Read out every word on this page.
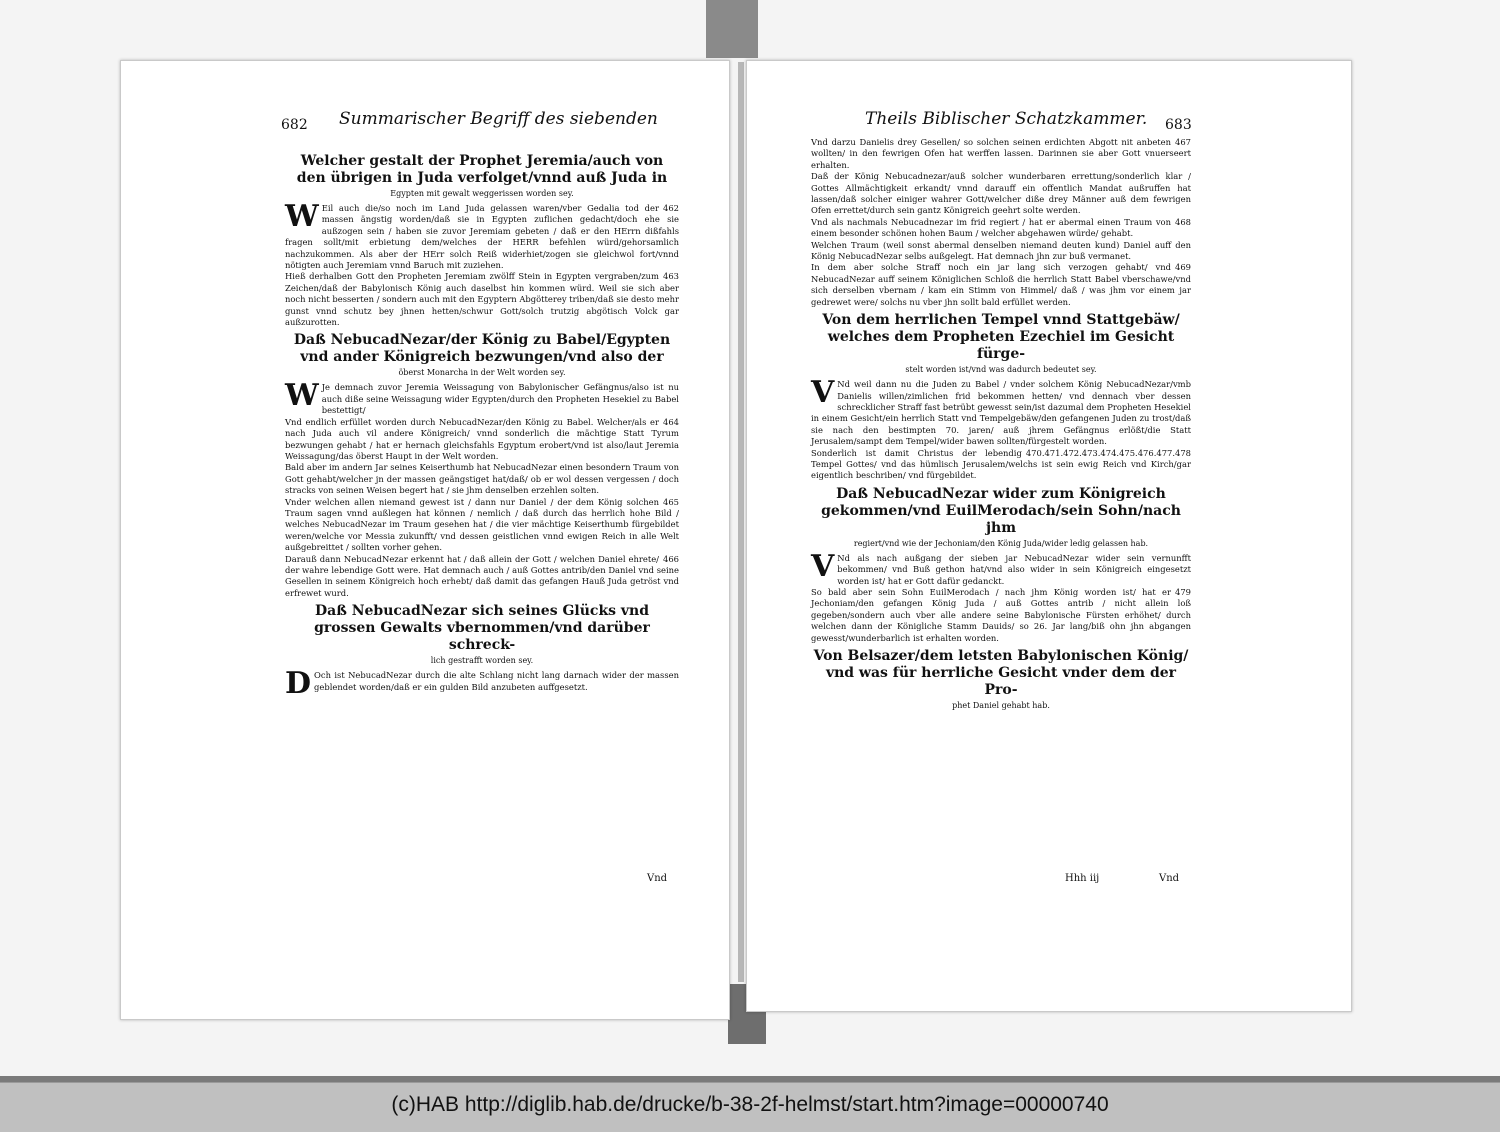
682 Summarischer Begriff des siebenden
Welcher gestalt der Prophet Jeremia/auch von den übrigen in Juda verfolget/vnnd auß Juda in
Egypten mit gewalt weggerissen worden sey.

W	462
Eil auch die/so noch im Land Juda gelassen waren/vber Gedalia tod der massen ängstig worden/daß sie in Egypten zuflichen gedacht/doch ehe sie außzogen sein / haben sie zuvor Jeremiam gebeten / daß er den HErrn dißfahls fragen sollt/mit erbietung dem/welches der HERR befehlen würd/gehorsamlich nachzukommen. Als aber der HErr solch Reiß widerhiet/zogen sie gleichwol fort/vnnd nötigten auch Jeremiam vnnd Baruch mit zuziehen.

463
Hieß derhalben Gott den Propheten Jeremiam zwölff Stein in Egypten vergraben/zum Zeichen/daß der Babylonisch König auch daselbst hin kommen würd. Weil sie sich aber noch nicht besserten / sondern auch mit den Egyptern Abgötterey triben/daß sie desto mehr gunst vnnd schutz bey jhnen hetten/schwur Gott/solch trutzig abgötisch Volck gar außzurotten.

Daß NebucadNezar/der König zu Babel/Egypten vnd ander Königreich bezwungen/vnd also der
öberst Monarcha in der Welt worden sey.

W Je demnach zuvor Jeremia Weissagung von Babylonischer Gefängnus/also ist nu auch diße seine Weissagung wider Egypten/durch den Propheten Hesekiel zu Babel bestettigt/

464
Vnd endlich erfüllet worden durch NebucadNezar/den König zu Babel. Welcher/als er nach Juda auch vil andere Königreich/ vnnd sonderlich die mächtige Statt Tyrum bezwungen gehabt / hat er hernach gleichsfahls Egyptum erobert/vnd ist also/laut Jeremia Weissagung/das öberst Haupt in der Welt worden.

Bald aber im andern Jar seines Keiserthumb hat NebucadNezar einen besondern Traum von Gott gehabt/welcher jn der massen geängstiget hat/daß/ ob er wol dessen vergessen / doch stracks von seinen Weisen begert hat / sie jhm denselben erzehlen solten.

465
Vnder welchen allen niemand gewest ist / dann nur Daniel / der dem König solchen Traum sagen vnnd außlegen hat können / nemlich / daß durch das herrlich hohe Bild / welches NebucadNezar im Traum gesehen hat / die vier mächtige Keiserthumb fürgebildet weren/welche vor Messia zukunfft/ vnd dessen geistlichen vnnd ewigen Reich in alle Welt außgebreittet / sollten vorher gehen.

466
Darauß dann NebucadNezar erkennt hat / daß allein der Gott / welchen Daniel ehrete/ der wahre lebendige Gott were. Hat demnach auch / auß Gottes antrib/den Daniel vnd seine Gesellen in seinem Königreich hoch erhebt/ daß damit das gefangen Hauß Juda getröst vnd erfrewet wurd.

Daß NebucadNezar sich seines Glücks vnd grossen Gewalts vbernommen/vnd darüber schreck-
lich gestrafft worden sey.

D Och ist NebucadNezar durch die alte Schlang nicht lang darnach wider der massen geblendet worden/daß er ein gulden Bild anzubeten auffgesetzt.

Vnd
Theils Biblischer Schatzkammer. 683

467
Vnd darzu Danielis drey Gesellen/ so solchen seinen erdichten Abgott nit anbeten wollten/ in den fewrigen Ofen hat werffen lassen. Darinnen sie aber Gott vnuerseert erhalten.

Daß der König Nebucadnezar/auß solcher wunderbaren errettung/sonderlich klar / Gottes Allmächtigkeit erkandt/ vnnd darauff ein offentlich Mandat außruffen hat lassen/daß solcher einiger wahrer Gott/welcher diße drey Männer auß dem fewrigen Ofen errettet/durch sein gantz Königreich geehrt solte werden.

468
Vnd als nachmals Nebucadnezar im frid regiert / hat er abermal einen Traum von einem besonder schönen hohen Baum / welcher abgehawen würde/ gehabt.

Welchen Traum (weil sonst abermal denselben niemand deuten kund) Daniel auff den König NebucadNezar selbs außgelegt. Hat demnach jhn zur buß vermanet.

469
In dem aber solche Straff noch ein jar lang sich verzogen gehabt/ vnd NebucadNezar auff seinem Königlichen Schloß die herrlich Statt Babel vberschawe/vnd sich derselben vbernam / kam ein Stimm von Himmel/ daß / was jhm vor einem jar gedrewet were/ solchs nu vber jhn sollt bald erfüllet werden.

Von dem herrlichen Tempel vnnd Stattgebäw/ welches dem Propheten Ezechiel im Gesicht fürge-
stelt worden ist/vnd was dadurch bedeutet sey.

V Nd weil dann nu die Juden zu Babel / vnder solchem König NebucadNezar/vmb Danielis willen/zimlichen frid bekommen hetten/ vnd dennach vber dessen schrecklicher Straff fast betrübt gewesst sein/ist dazumal dem Propheten Hesekiel in einem Gesicht/ein herrlich Statt vnd Tempelgebäw/den gefangenen Juden zu trost/daß sie nach den bestimpten 70. jaren/ auß jhrem Gefängnus erlößt/die Statt Jerusalem/sampt dem Tempel/wider bawen sollten/fürgestelt worden.

470.471.472.473.474.475.476.477.478
Sonderlich ist damit Christus der lebendig Tempel Gottes/ vnd das hümlisch Jerusalem/welchs ist sein ewig Reich vnd Kirch/gar eigentlich beschriben/ vnd fürgebildet.

Daß NebucadNezar wider zum Königreich gekommen/vnd EuilMerodach/sein Sohn/nach jhm
regiert/vnd wie der Jechoniam/den König Juda/wider ledig gelassen hab.

V Nd als nach außgang der sieben jar NebucadNezar wider sein vernunfft bekommen/ vnd Buß gethon hat/vnd also wider in sein Königreich eingesetzt worden ist/ hat er Gott dafür gedanckt.

479
So bald aber sein Sohn EuilMerodach / nach jhm König worden ist/ hat er Jechoniam/den gefangen König Juda / auß Gottes antrib / nicht allein loß gegeben/sondern auch vber alle andere seine Babylonische Fürsten erhöhet/ durch welchen dann der Königliche Stamm Dauids/ so 26. Jar lang/biß ohn jhn abgangen gewesst/wunderbarlich ist erhalten worden.

Von Belsazer/dem letsten Babylonischen König/ vnd was für herrliche Gesicht vnder dem der Pro-
phet Daniel gehabt hab.
Hhh iij	Vnd
(c)HAB http://diglib.hab.de/drucke/b-38-2f-helmst/start.htm?image=00000740
